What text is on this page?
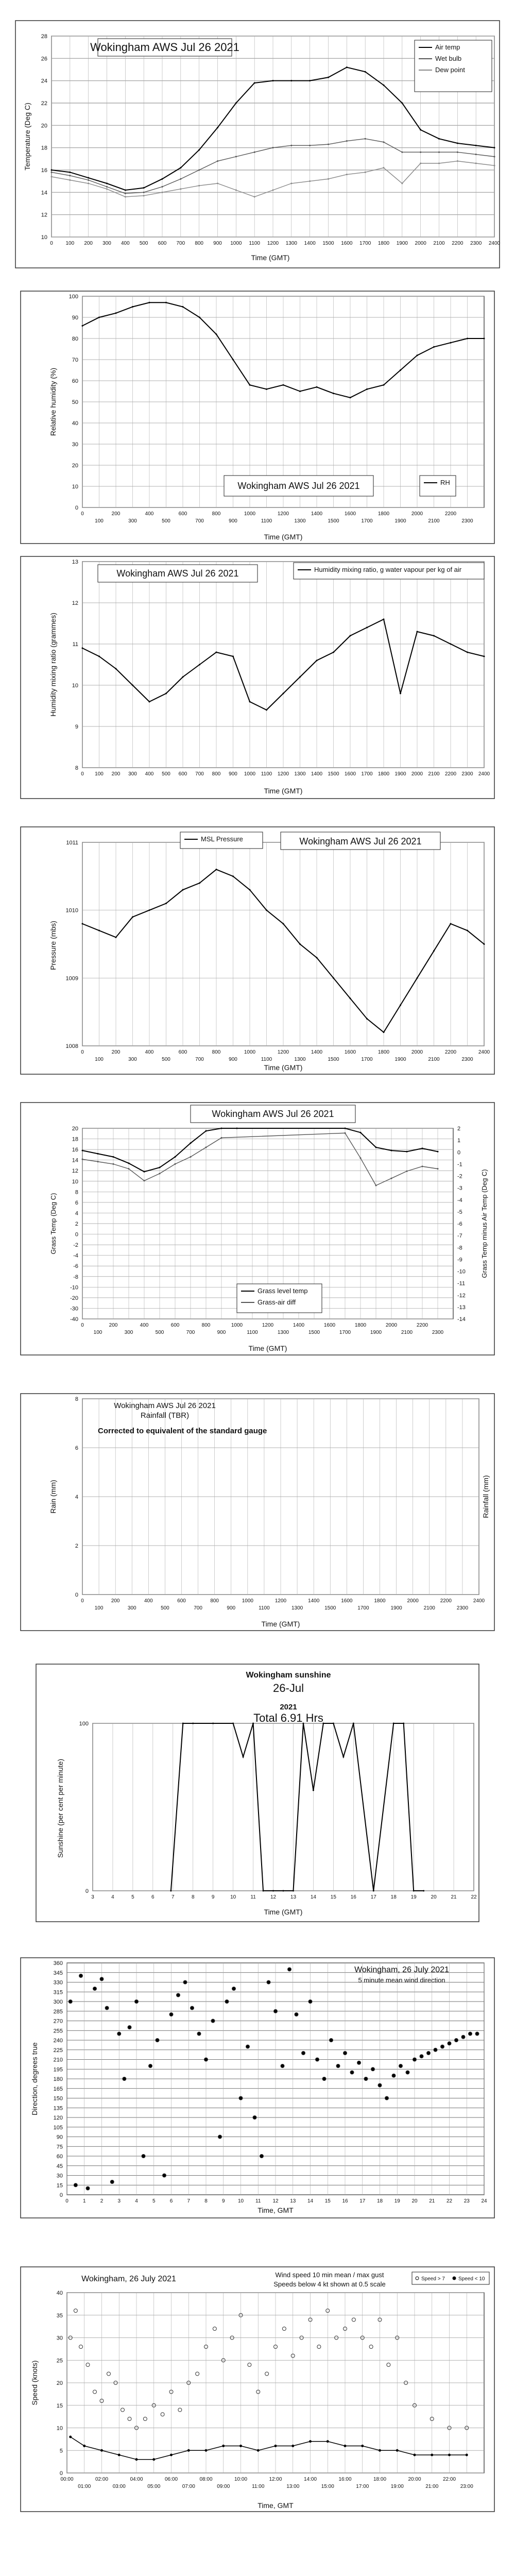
10
12
14
16
18
20
22
24
26
28
0 100 200 300 400 500 600 700 800 900 1000 1100 1200 1300 1400 1500 1600 1700 1800 1900 2000 2100 2200 2300 2400
Wokingham AWS Jul 26 2021	Air temp
Wet bulb
Dew point
Time (GMT)
Temperature (Deg C)
0
10
20
30
40
50
60
70
80
90
100
0	200	400	600	800	1000	1200	1400	1600	1800	2000	2200
100	300	500	700	900	1100	1300	1500	1700	1900	2100	2300
Wokingham AWS Jul 26 2021	RH
Time (GMT)
Relative humidity (%)
8
9
10
11
12
13
0 100 200 300 400 500 600 700 800 900 1000 1100 1200 1300 1400 1500 1600 1700 1800 1900 2000 2100 2200 2300 2400
Wokingham AWS Jul 26 2021	Humidity mixing ratio, g water vapour per kg of air
Time (GMT)
Humidity mixing ratio (grammes)
1008
1009
1010
1011
0	200	400	600	800	1000	1200	1400	1600	1800	2000	2200	2400
100	300	500	700	900	1100	1300	1500	1700	1900	2100	2300
MSL Pressure	Wokingham AWS Jul 26 2021
Time (GMT)
Pressure (mbs)
20
18
16
14
12
10
8
6
4
2
0
-2
-4
-6
-8
-10
-20
-30
-40
2
1
0
-1
-2
-3
-4
-5
-6
-7
-8
-9
-10
-11
-12
-13
-14
0	200	400	600	800	1000	1200	1400	1600	1800	2000	2200
100	300	500	700	900	1100	1300	1500	1700	1900	2100	2300
Wokingham AWS Jul 26 2021
Grass level temp
Grass-air diff
Time (GMT)
Grass Temp (Deg C)	Grass Temp minus Air Temp (Deg C)
0
2
4
6
8
0	200	400	600	800	1000	1200	1400	1600	1800	2000	2200	2400
100	300	500	700	900	1100	1300	1500	1700	1900	2100	2300
Wokingham AWS Jul 26 2021
Rainfall (TBR)
Corrected to equivalent of the standard gauge
Time (GMT)
Rain (mm)	Rainfall (mm)
0
100
3	4	5	6	7	8	9	10	11	12	13	14	15	16	17	18	19	20	21	22
Wokingham sunshine
26-Jul
2021
Total 6.91 Hrs
Time (GMT)
Sunshine (per cent per minute)
0
15
30
45
60
75
90
105
120
135
150
165
180
195
210
225
240
255
270
285
300
315
330
345
360
0	1	2	3	4	5	6	7	8	9	10 11 12 13 14 15 16 17 18 19 20 21 22 23 24
Wokingham, 26 July 2021
5 minute mean wind direction
Time, GMT
Direction, degrees true
0
5
10
15
20
25
30
35
40
00:00	02:00	04:00	06:00	08:00	10:00	12:00	14:00	16:00	18:00	20:00	22:00
01:00	03:00	05:00	07:00	09:00	11:00	13:00	15:00	17:00	19:00	21:00	23:00
Wokingham, 26 July 2021	Wind speed 10 min mean / max gust
Speeds below 4 kt shown at 0.5 scale
Speed > 7	Speed < 10
Time, GMT
Speed (knots)
